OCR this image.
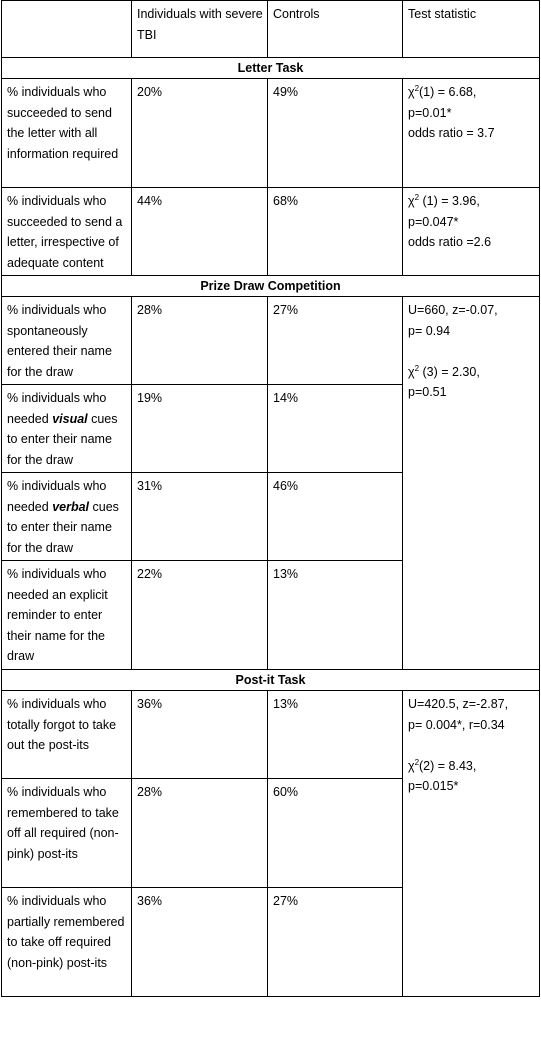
	Individuals with severe TBI	Controls	Test statistic
Letter Task			
% individuals who succeeded to send the letter with all information required	20%	49%	$\chi^2(1) = 6.68$,
p=0.01*
odds ratio = 3.7

% individuals who succeeded to send a letter, irrespective of adequate content	44%	68%	$\chi^2$ (1) = 3.96,
p=0.047*
odds ratio =2.6

Prize Draw Competition			
% individuals who spontaneously entered their name for the draw	28%	27%	U=660, z=-0.07,
p= 0.94
$\chi^2$ (3) = 2.30,
p=0.51

% individuals who needed visual cues to enter their name for the draw	19%	14%	
% individuals who needed verbal cues to enter their name for the draw	31%	46%	
% individuals who needed an explicit reminder to enter their name for the draw	22%	13%	
Post-it Task			
% individuals who totally forgot to take out the post-its	36%	13%	U=420.5, z=-2.87,
p= 0.004*, r=0.34
$\chi^2(2) = 8.43$,
p=0.015*

% individuals who remembered to take off all required (non-pink) post-its	28%	60%	
% individuals who partially remembered to take off required (non-pink) post-its	36%	27%	
